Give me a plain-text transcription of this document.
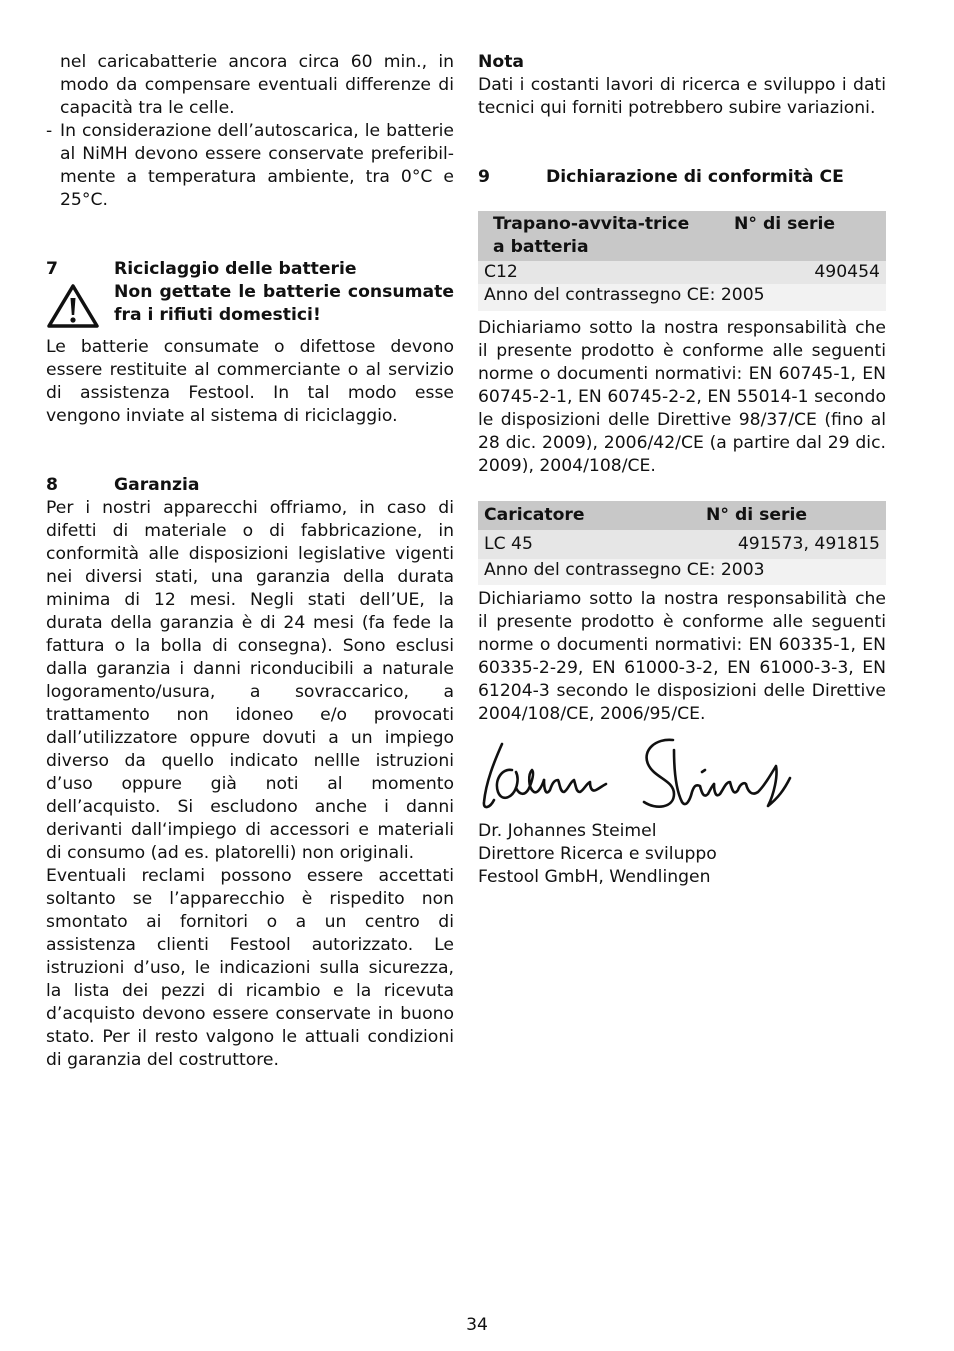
nel caricabatterie ancora circa 60 min., in modo da compensare eventuali differenze di capacità tra le celle.

- In considerazione dell’autoscarica, le batterie al NiMH devono essere conservate preferibil-mente a temperatura ambiente, tra 0°C e 25°C.
7	Riciclaggio delle batterie
Non gettate le batterie consumate fra i rifiuti domestici!

Le batterie consumate o difettose devono essere restituite al commerciante o al servizio di assistenza Festool. In tal modo esse vengono inviate al sistema di riciclaggio.

8	Garanzia

Per i nostri apparecchi offriamo, in caso di difetti di materiale o di fabbricazione, in conformità alle disposizioni legislative vigenti nei diversi stati, una garanzia della durata minima di 12 mesi. Negli stati dell’UE, la durata della garanzia è di 24 mesi (fa fede la fattura o la bolla di consegna). Sono esclusi dalla garanzia i danni riconducibili a naturale logoramento/usura, a sovraccarico, a trattamento non idoneo e/o provocati dall’utilizzatore oppure dovuti a un impiego diverso da quello indicato nellle istruzioni d’uso oppure già noti al momento dell’acquisto. Si escludono anche i danni derivanti dall‘impiego di accessori e materiali di consumo (ad es. platorelli) non originali.

Eventuali reclami possono essere accettati soltanto se l’apparecchio è rispedito non smontato ai fornitori o a un centro di assistenza clienti Festool autorizzato. Le istruzioni d’uso, le indicazioni sulla sicurezza, la lista dei pezzi di ricambio e la ricevuta d’acquisto devono essere conservate in buono stato. Per il resto valgono le attuali condizioni di garanzia del costruttore.

Nota

Dati i costanti lavori di ricerca e sviluppo i dati tecnici qui forniti potrebbero subire variazioni.

9	Dichiarazione di conformità CE
Trapano-avvita-trice a batteria	N° di serie
C12	490454
Anno del contrassegno CE: 2005	

Dichiariamo sotto la nostra responsabilità che il presente prodotto è conforme alle seguenti norme o documenti normativi: EN 60745-1, EN 60745-2-1, EN 60745-2-2, EN 55014-1 secondo le disposizioni delle Direttive 98/37/CE (fino al 28 dic. 2009), 2006/42/CE (a partire dal 29 dic. 2009), 2004/108/CE.

Caricatore	N° di serie
LC 45	491573, 491815
Anno del contrassegno CE: 2003	

Dichiariamo sotto la nostra responsabilità che il presente prodotto è conforme alle seguenti norme o documenti normativi: EN 60335-1, EN 60335-2-29, EN 61000-3-2, EN 61000-3-3, EN 61204-3 secondo le disposizioni delle Direttive 2004/108/CE, 2006/95/CE.

Dr. Johannes Steimel
Direttore Ricerca e sviluppo
Festool GmbH, Wendlingen
34
